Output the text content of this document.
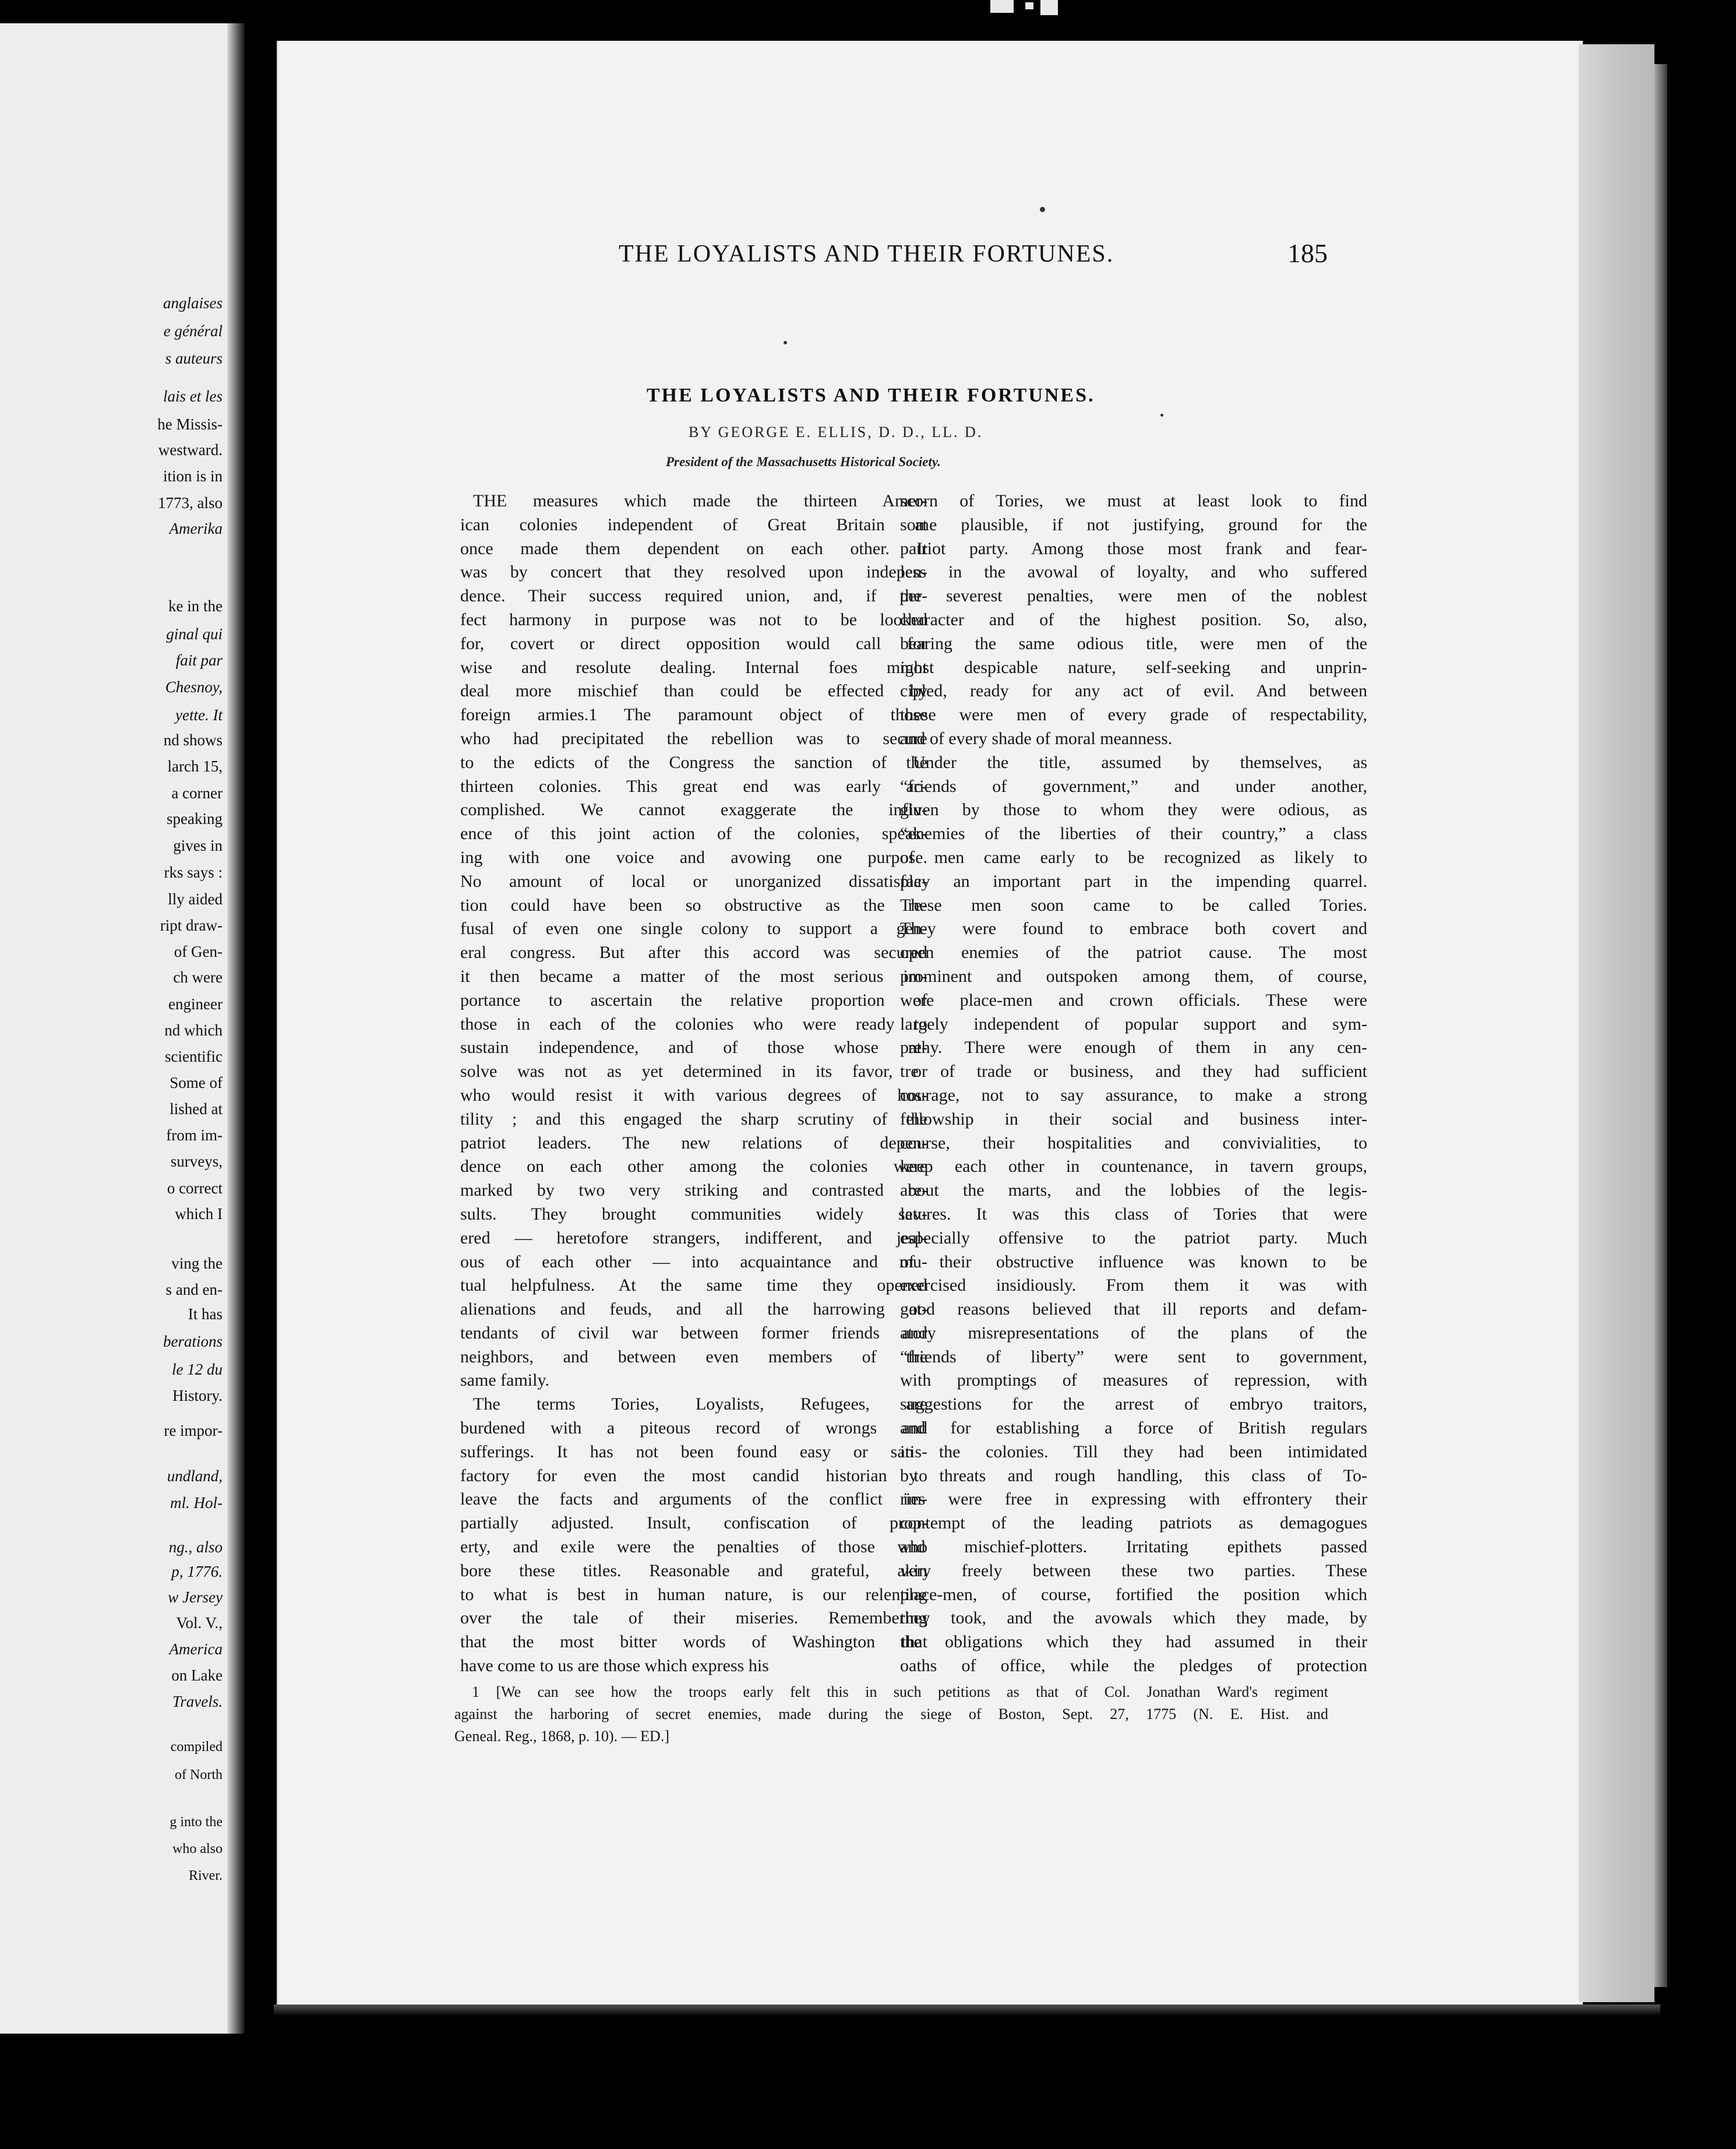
anglaises
e général
s auteurs
lais et les
he Missis-
westward.
ition is in
1773, also
Amerika
ke in the
ginal qui
fait par
Chesnoy,
yette. It
nd shows
larch 15,
a corner
speaking
gives in
rks says :
lly aided
ript draw-
of Gen-
ch were
engineer
nd which
scientific
Some of
lished at
from im-
surveys,
o correct
which I
ving the
s and en-
It has
berations
le 12 du
History.
re impor-
undland,
ml. Hol-
ng., also
p, 1776.
w Jersey
Vol. V.,
America
on Lake
Travels.
compiled
of North
g into the
who also
River.
THE LOYALISTS AND THEIR FORTUNES.	185
THE LOYALISTS AND THEIR FORTUNES.
BY GEORGE E. ELLIS, D. D., LL. D.
President of the Massachusetts Historical Society.
THE measures which made the thirteen Amer-
ican colonies independent of Great Britain at
once made them dependent on each other. It
was by concert that they resolved upon indepen-
dence. Their success required union, and, if per-
fect harmony in purpose was not to be looked
for, covert or direct opposition would call for
wise and resolute dealing. Internal foes might
deal more mischief than could be effected by
foreign armies.1 The paramount object of those
who had precipitated the rebellion was to secure
to the edicts of the Congress the sanction of the
thirteen colonies. This great end was early ac-
complished. We cannot exaggerate the influ-
ence of this joint action of the colonies, speak-
ing with one voice and avowing one purpose.
No amount of local or unorganized dissatisfac-
tion could have been so obstructive as the re-
fusal of even one single colony to support a gen-
eral congress. But after this accord was secured
it then became a matter of the most serious im-
portance to ascertain the relative proportion of
those in each of the colonies who were ready to
sustain independence, and of those whose re-
solve was not as yet determined in its favor, or
who would resist it with various degrees of hos-
tility ; and this engaged the sharp scrutiny of the
patriot leaders. The new relations of depen-
dence on each other among the colonies were
marked by two very striking and contrasted re-
sults. They brought communities widely sev-
ered — heretofore strangers, indifferent, and jeal-
ous of each other — into acquaintance and mu-
tual helpfulness. At the same time they opened
alienations and feuds, and all the harrowing at-
tendants of civil war between former friends and
neighbors, and between even members of the
same family.
The terms Tories, Loyalists, Refugees, are
burdened with a piteous record of wrongs and
sufferings. It has not been found easy or satis-
factory for even the most candid historian to
leave the facts and arguments of the conflict im-
partially adjusted. Insult, confiscation of prop-
erty, and exile were the penalties of those who
bore these titles. Reasonable and grateful, akin
to what is best in human nature, is our relenting
over the tale of their miseries. Remembering
that the most bitter words of Washington that
have come to us are those which express his
scorn of Tories, we must at least look to find
some plausible, if not justifying, ground for the
patriot party. Among those most frank and fear-
less in the avowal of loyalty, and who suffered
the severest penalties, were men of the noblest
character and of the highest position. So, also,
bearing the same odious title, were men of the
most despicable nature, self-seeking and unprin-
cipled, ready for any act of evil. And between
these were men of every grade of respectability,
and of every shade of moral meanness.
Under the title, assumed by themselves, as
“friends of government,” and under another,
given by those to whom they were odious, as
“enemies of the liberties of their country,” a class
of men came early to be recognized as likely to
play an important part in the impending quarrel.
These men soon came to be called Tories.
They were found to embrace both covert and
open enemies of the patriot cause. The most
prominent and outspoken among them, of course,
were place-men and crown officials. These were
largely independent of popular support and sym-
pathy. There were enough of them in any cen-
tre of trade or business, and they had sufficient
courage, not to say assurance, to make a strong
fellowship in their social and business inter-
course, their hospitalities and convivialities, to
keep each other in countenance, in tavern groups,
about the marts, and the lobbies of the legis-
latures. It was this class of Tories that were
especially offensive to the patriot party. Much
of their obstructive influence was known to be
exercised insidiously. From them it was with
good reasons believed that ill reports and defam-
atory misrepresentations of the plans of the
“friends of liberty” were sent to government,
with promptings of measures of repression, with
suggestions for the arrest of embryo traitors,
and for establishing a force of British regulars
in the colonies. Till they had been intimidated
by threats and rough handling, this class of To-
ries were free in expressing with effrontery their
contempt of the leading patriots as demagogues
and mischief-plotters. Irritating epithets passed
very freely between these two parties. These
place-men, of course, fortified the position which
they took, and the avowals which they made, by
the obligations which they had assumed in their
oaths of office, while the pledges of protection
1 [We can see how the troops early felt this in such petitions as that of Col. Jonathan Ward's regiment
against the harboring of secret enemies, made during the siege of Boston, Sept. 27, 1775 (N. E. Hist. and
Geneal. Reg., 1868, p. 10). — ED.]
